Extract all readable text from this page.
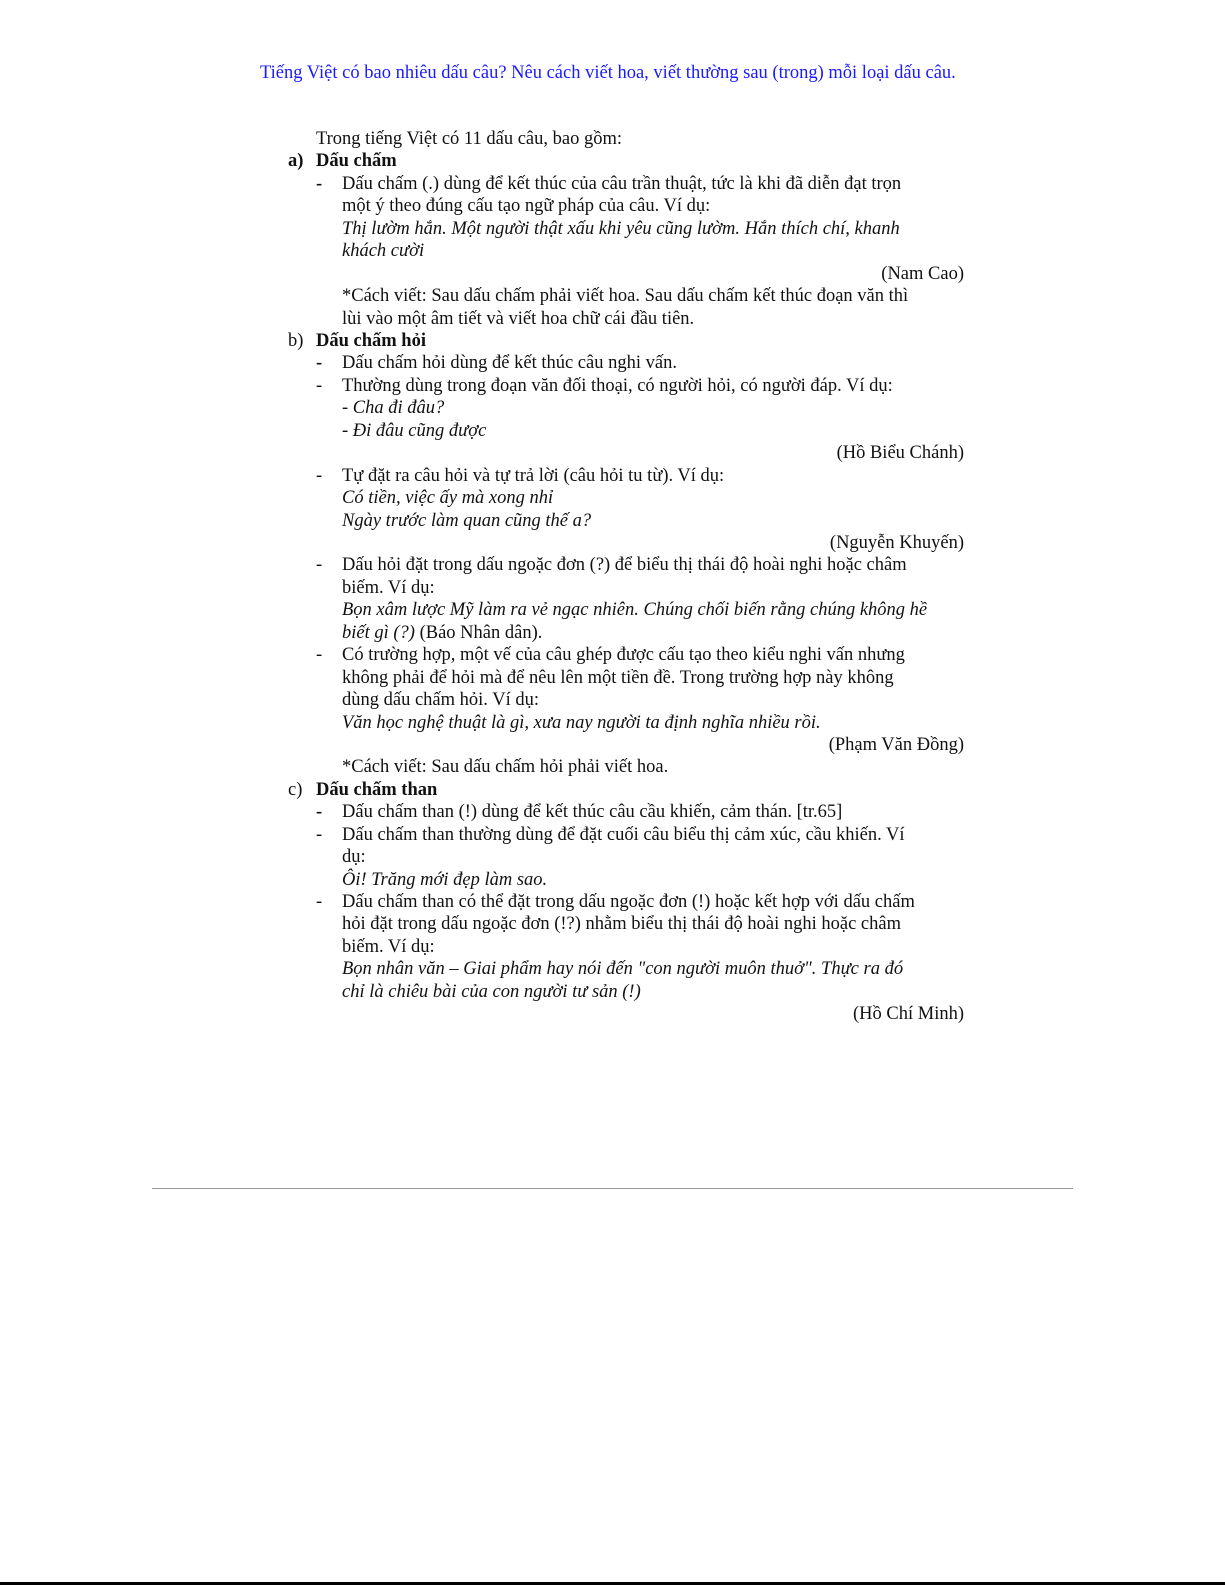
Tiếng Việt có bao nhiêu dấu câu? Nêu cách viết hoa, viết thường sau (trong) mỗi loại dấu câu.
Trong tiếng Việt có 11 dấu câu, bao gồm:
a) Dấu chấm
- Dấu chấm (.) dùng để kết thúc của câu trần thuật, tức là khi đã diễn đạt trọn
một ý theo đúng cấu tạo ngữ pháp của câu. Ví dụ:
Thị lườm hắn. Một người thật xấu khi yêu cũng lườm. Hắn thích chí, khanh
khách cười
(Nam Cao)
*Cách viết: Sau dấu chấm phải viết hoa. Sau dấu chấm kết thúc đoạn văn thì
lùi vào một âm tiết và viết hoa chữ cái đầu tiên.
b) Dấu chấm hỏi
- Dấu chấm hỏi dùng để kết thúc câu nghi vấn.
- Thường dùng trong đoạn văn đối thoại, có người hỏi, có người đáp. Ví dụ:
- Cha đi đâu?
- Đi đâu cũng được
(Hồ Biểu Chánh)
- Tự đặt ra câu hỏi và tự trả lời (câu hỏi tu từ). Ví dụ:
Có tiền, việc ấy mà xong nhỉ
Ngày trước làm quan cũng thế a?
(Nguyễn Khuyến)
- Dấu hỏi đặt trong dấu ngoặc đơn (?) để biểu thị thái độ hoài nghi hoặc châm
biếm. Ví dụ:
Bọn xâm lược Mỹ làm ra vẻ ngạc nhiên. Chúng chối biến rằng chúng không hề
biết gì (?) (Báo Nhân dân).
- Có trường hợp, một vế của câu ghép được cấu tạo theo kiểu nghi vấn nhưng
không phải để hỏi mà để nêu lên một tiền đề. Trong trường hợp này không
dùng dấu chấm hỏi. Ví dụ:
Văn học nghệ thuật là gì, xưa nay người ta định nghĩa nhiều rồi.
(Phạm Văn Đồng)
*Cách viết: Sau dấu chấm hỏi phải viết hoa.
c) Dấu chấm than
- Dấu chấm than (!) dùng để kết thúc câu cầu khiến, cảm thán. [tr.65]
- Dấu chấm than thường dùng để đặt cuối câu biểu thị cảm xúc, cầu khiến. Ví
dụ:
Ôi! Trăng mới đẹp làm sao.
- Dấu chấm than có thể đặt trong dấu ngoặc đơn (!) hoặc kết hợp với dấu chấm
hỏi đặt trong dấu ngoặc đơn (!?) nhằm biểu thị thái độ hoài nghi hoặc châm
biếm. Ví dụ:
Bọn nhân văn – Giai phẩm hay nói đến "con người muôn thuở". Thực ra đó
chỉ là chiêu bài của con người tư sản (!)
(Hồ Chí Minh)
